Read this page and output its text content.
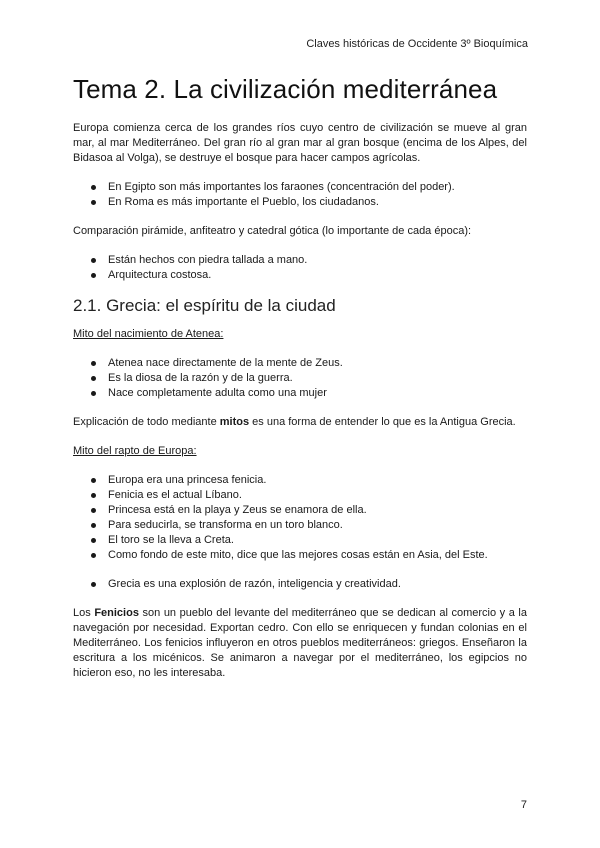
Claves históricas de Occidente 3º Bioquímica
Tema 2. La civilización mediterránea

Europa comienza cerca de los grandes ríos cuyo centro de civilización se mueve al gran mar, al mar Mediterráneo. Del gran río al gran mar al gran bosque (encima de los Alpes, del Bidasoa al Volga), se destruye el bosque para hacer campos agrícolas.

En Egipto son más importantes los faraones (concentración del poder).
En Roma es más importante el Pueblo, los ciudadanos.

Comparación pirámide, anfiteatro y catedral gótica (lo importante de cada época):

Están hechos con piedra tallada a mano.
Arquitectura costosa.
2.1. Grecia: el espíritu de la ciudad

Mito del nacimiento de Atenea:

Atenea nace directamente de la mente de Zeus.
Es la diosa de la razón y de la guerra.
Nace completamente adulta como una mujer

Explicación de todo mediante mitos es una forma de entender lo que es la Antigua Grecia.

Mito del rapto de Europa:

Europa era una princesa fenicia.
Fenicia es el actual Líbano.
Princesa está en la playa y Zeus se enamora de ella.
Para seducirla, se transforma en un toro blanco.
El toro se la lleva a Creta.
Como fondo de este mito, dice que las mejores cosas están en Asia, del Este.
Grecia es una explosión de razón, inteligencia y creatividad.

Los Fenicios son un pueblo del levante del mediterráneo que se dedican al comercio y a la navegación por necesidad. Exportan cedro. Con ello se enriquecen y fundan colonias en el Mediterráneo. Los fenicios influyeron en otros pueblos mediterráneos: griegos. Enseñaron la escritura a los micénicos. Se animaron a navegar por el mediterráneo, los egipcios no hicieron eso, no les interesaba.

7
